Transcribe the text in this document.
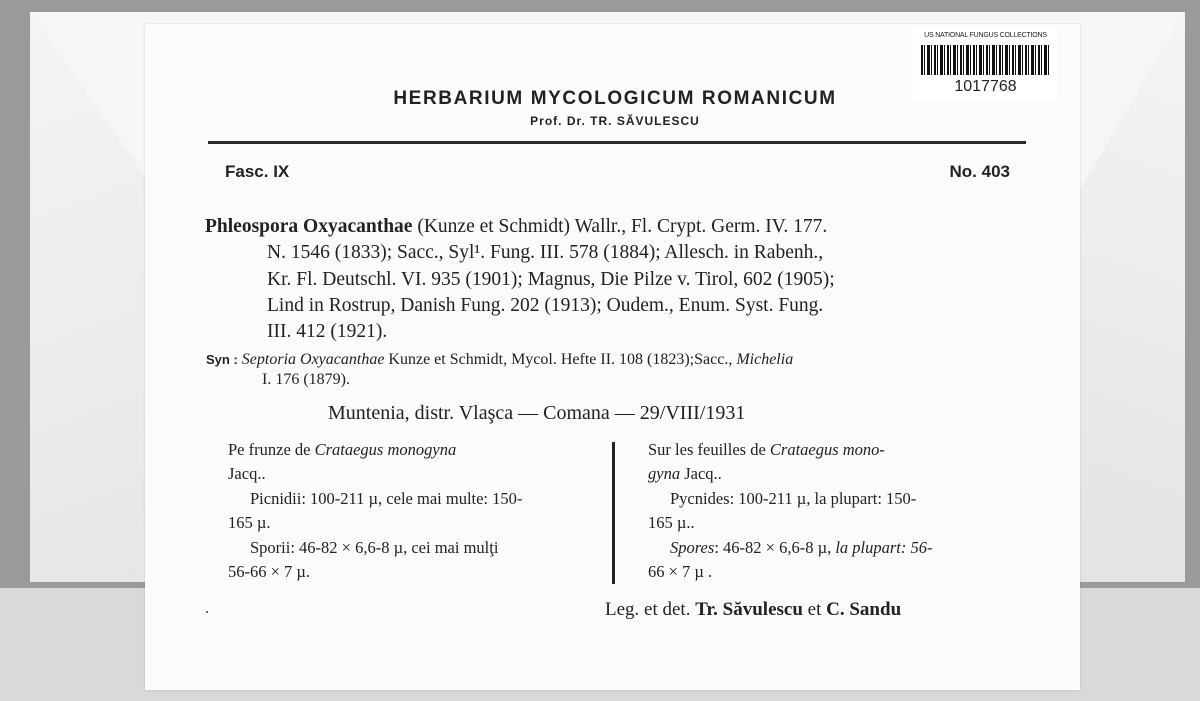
US NATIONAL FUNGUS COLLECTIONS
1017768
HERBARIUM MYCOLOGICUM ROMANICUM
Prof. Dr. TR. SĂVULESCU
Fasc. IX	No. 403
Phleospora Oxyacanthae (Kunze et Schmidt) Wallr., Fl. Crypt. Germ. IV. 177.
N. 1546 (1833); Sacc., Syl¹. Fung. III. 578 (1884); Allesch. in Rabenh.,
Kr. Fl. Deutschl. VI. 935 (1901); Magnus, Die Pilze v. Tirol, 602 (1905);
Lind in Rostrup, Danish Fung. 202 (1913); Oudem., Enum. Syst. Fung.
III. 412 (1921).
Syn : Septoria Oxyacanthae Kunze et Schmidt, Mycol. Hefte II. 108 (1823);Sacc., Michelia
I. 176 (1879).
Muntenia, distr. Vlaşca — Comana — 29/VIII/1931
Pe frunze de Crataegus monogyna
Jacq..
Picnidii: 100-211 µ, cele mai multe: 150-
165 µ.
Sporii: 46-82 × 6,6-8 µ, cei mai mulţi
56-66 × 7 µ.
Sur les feuilles de Crataegus mono-
gyna Jacq..
Pycnides: 100-211 µ, la plupart: 150-
165 µ..
Spores: 46-82 × 6,6-8 µ, la plupart: 56-
66 × 7 µ .
.	Leg. et det. Tr. Săvulescu et C. Sandu
